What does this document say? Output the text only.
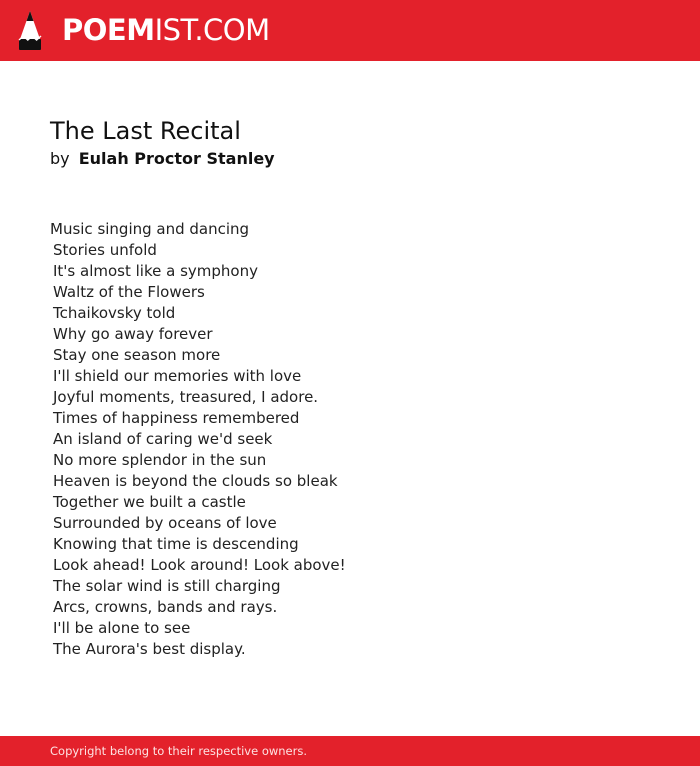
POEMIST.COM
The Last Recital
by Eulah Proctor Stanley
Music singing and dancing
Stories unfold
It's almost like a symphony
Waltz of the Flowers
Tchaikovsky told
Why go away forever
Stay one season more
I'll shield our memories with love
Joyful moments, treasured, I adore.
Times of happiness remembered
An island of caring we'd seek
No more splendor in the sun
Heaven is beyond the clouds so bleak
Together we built a castle
Surrounded by oceans of love
Knowing that time is descending
Look ahead! Look around! Look above!
The solar wind is still charging
Arcs, crowns, bands and rays.
I'll be alone to see
The Aurora's best display.
Copyright belong to their respective owners.
